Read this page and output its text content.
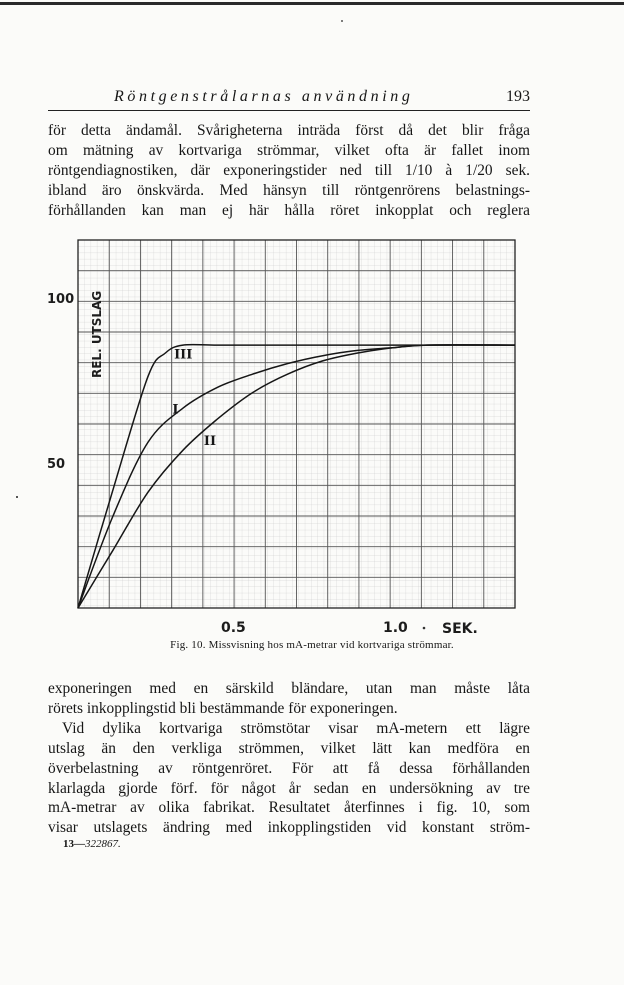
Röntgenstrålarnas användning	193
för detta ändamål. Svårigheterna inträda först då det blir fråga
om mätning av kortvariga strömmar, vilket ofta är fallet inom
röntgendiagnostiken, där exponeringstider ned till 1/10 à 1/20 sek.
ibland äro önskvärda. Med hänsyn till röntgenrörens belastnings-
förhållanden kan man ej här hålla röret inkopplat och reglera
III
I
II
REL. UTSLAG
100
50
0.5	1.0 SEK.
Fig. 10. Missvisning hos mA-metrar vid kortvariga strömmar.
exponeringen med en särskild bländare, utan man måste låta
rörets inkopplingstid bli bestämmande för exponeringen.
Vid dylika kortvariga strömstötar visar mA-metern ett lägre
utslag än den verkliga strömmen, vilket lätt kan medföra en
överbelastning av röntgenröret. För att få dessa förhållanden
klarlagda gjorde förf. för något år sedan en undersökning av tre
mA-metrar av olika fabrikat. Resultatet återfinnes i fig. 10, som
visar utslagets ändring med inkopplingstiden vid konstant ström-
13—322867.
